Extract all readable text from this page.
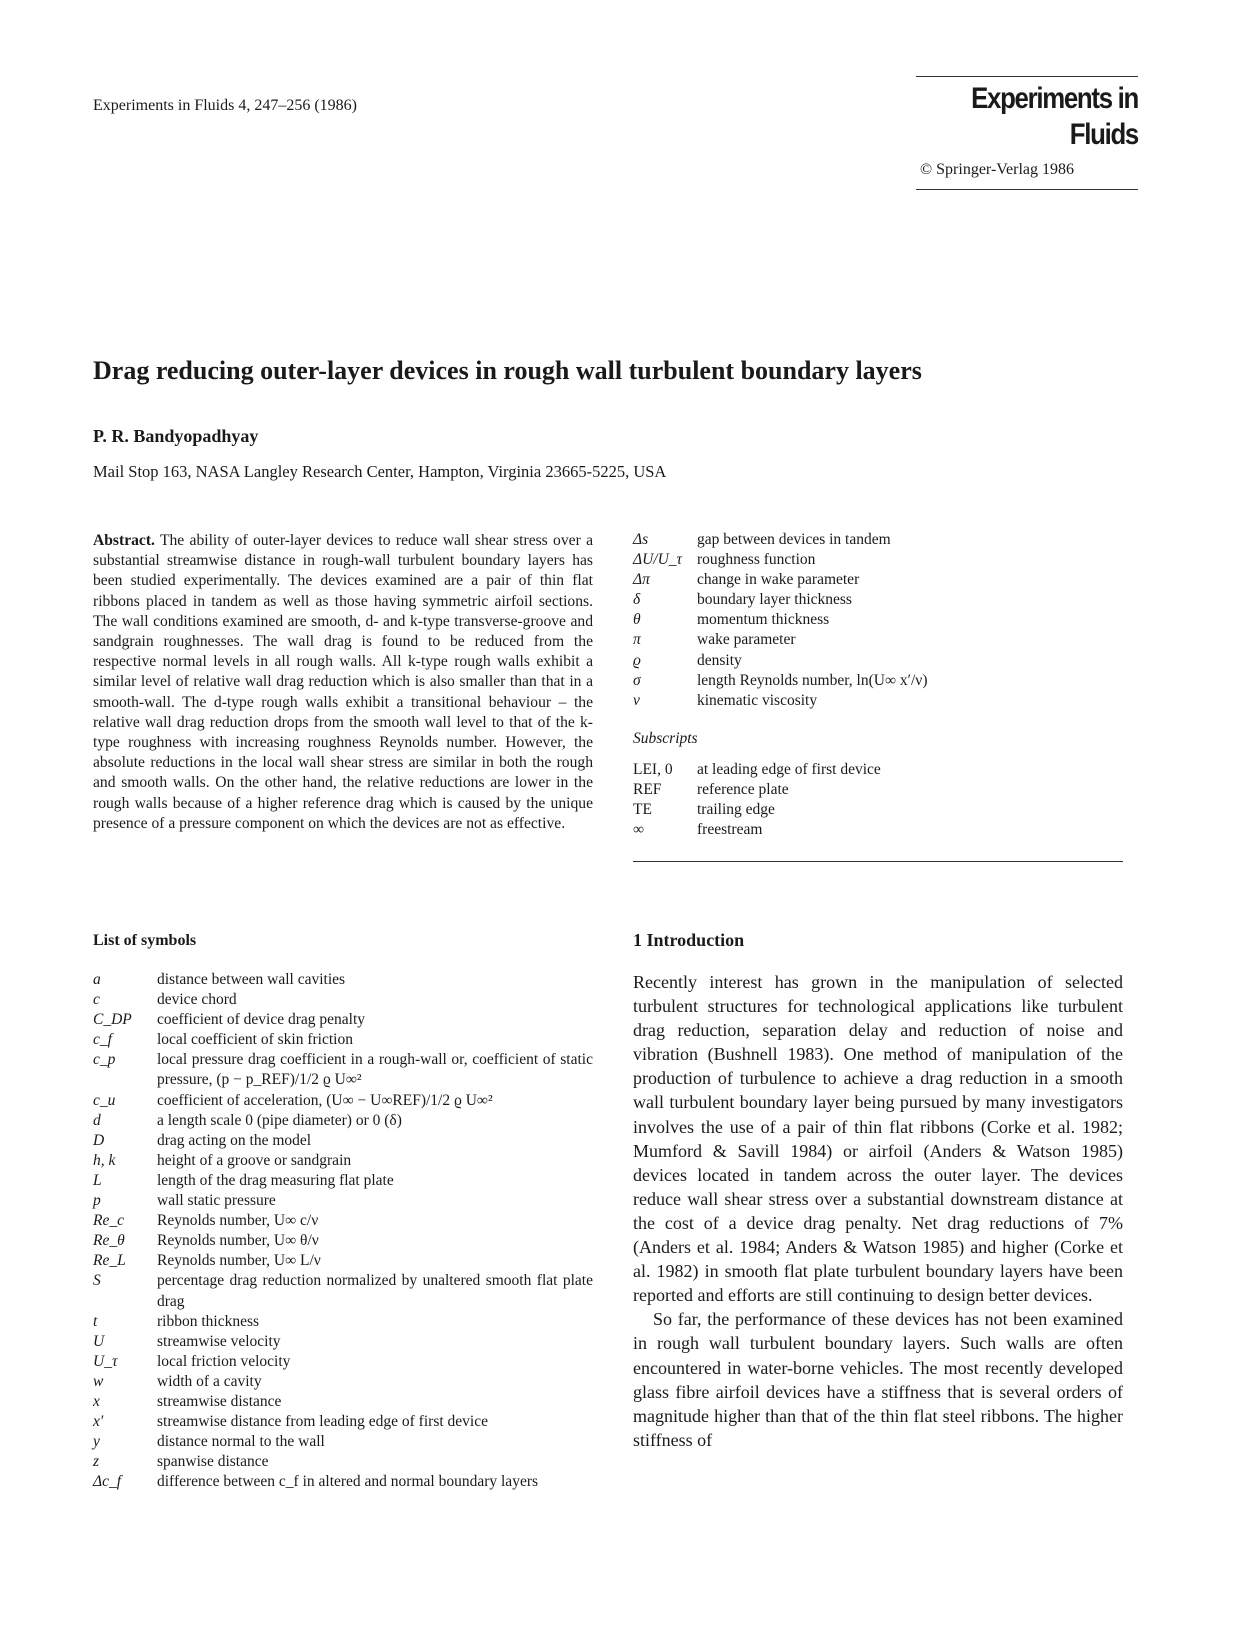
Experiments in Fluids 4, 247–256 (1986)	Experiments in Fluids
© Springer-Verlag 1986
Drag reducing outer-layer devices in rough wall turbulent boundary layers
P. R. Bandyopadhyay
Mail Stop 163, NASA Langley Research Center, Hampton, Virginia 23665-5225, USA
Abstract. The ability of outer-layer devices to reduce wall shear stress over a substantial streamwise distance in rough-wall turbulent boundary layers has been studied experimentally. The devices examined are a pair of thin flat ribbons placed in tandem as well as those having symmetric airfoil sections. The wall conditions examined are smooth, d- and k-type transverse-groove and sandgrain roughnesses. The wall drag is found to be reduced from the respective normal levels in all rough walls. All k-type rough walls exhibit a similar level of relative wall drag reduction which is also smaller than that in a smooth-wall. The d-type rough walls exhibit a transitional behaviour – the relative wall drag reduction drops from the smooth wall level to that of the k-type roughness with increasing roughness Reynolds number. However, the absolute reductions in the local wall shear stress are similar in both the rough and smooth walls. On the other hand, the relative reductions are lower in the rough walls because of a higher reference drag which is caused by the unique presence of a pressure component on which the devices are not as effective.
Δs	gap between devices in tandem
ΔU/U_τ roughness function
Δπ	change in wake parameter
δ	boundary layer thickness
θ	momentum thickness
π	wake parameter
ϱ	density
σ	length Reynolds number, ln(U∞ x′/ν)
ν	kinematic viscosity
Subscripts
LEI, 0	at leading edge of first device
REF	reference plate
TE	trailing edge
∞	freestream
List of symbols
a	distance between wall cavities
c	device chord
C_DP	coefficient of device drag penalty
c_f	local coefficient of skin friction
c_p	local pressure drag coefficient in a rough-wall or, coefficient of static pressure, (p − p_REF)/1/2 ϱ U∞²
c_u	coefficient of acceleration, (U∞ − U∞REF)/1/2 ϱ U∞²
d	a length scale 0 (pipe diameter) or 0 (δ)
D	drag acting on the model
h, k	height of a groove or sandgrain
L	length of the drag measuring flat plate
p	wall static pressure
Re_c	Reynolds number, U∞ c/ν
Re_θ	Reynolds number, U∞ θ/ν
Re_L	Reynolds number, U∞ L/ν
S	percentage drag reduction normalized by unaltered smooth flat plate drag
t	ribbon thickness
U	streamwise velocity
U_τ	local friction velocity
w	width of a cavity
x	streamwise distance
x′	streamwise distance from leading edge of first device
y	distance normal to the wall
z	spanwise distance
Δc_f	difference between c_f in altered and normal boundary layers
1 Introduction

Recently interest has grown in the manipulation of selected turbulent structures for technological applications like turbulent drag reduction, separation delay and reduction of noise and vibration (Bushnell 1983). One method of manipulation of the production of turbulence to achieve a drag reduction in a smooth wall turbulent boundary layer being pursued by many investigators involves the use of a pair of thin flat ribbons (Corke et al. 1982; Mumford & Savill 1984) or airfoil (Anders & Watson 1985) devices located in tandem across the outer layer. The devices reduce wall shear stress over a substantial downstream distance at the cost of a device drag penalty. Net drag reductions of 7% (Anders et al. 1984; Anders & Watson 1985) and higher (Corke et al. 1982) in smooth flat plate turbulent boundary layers have been reported and efforts are still continuing to design better devices.

So far, the performance of these devices has not been examined in rough wall turbulent boundary layers. Such walls are often encountered in water-borne vehicles. The most recently developed glass fibre airfoil devices have a stiffness that is several orders of magnitude higher than that of the thin flat steel ribbons. The higher stiffness of
